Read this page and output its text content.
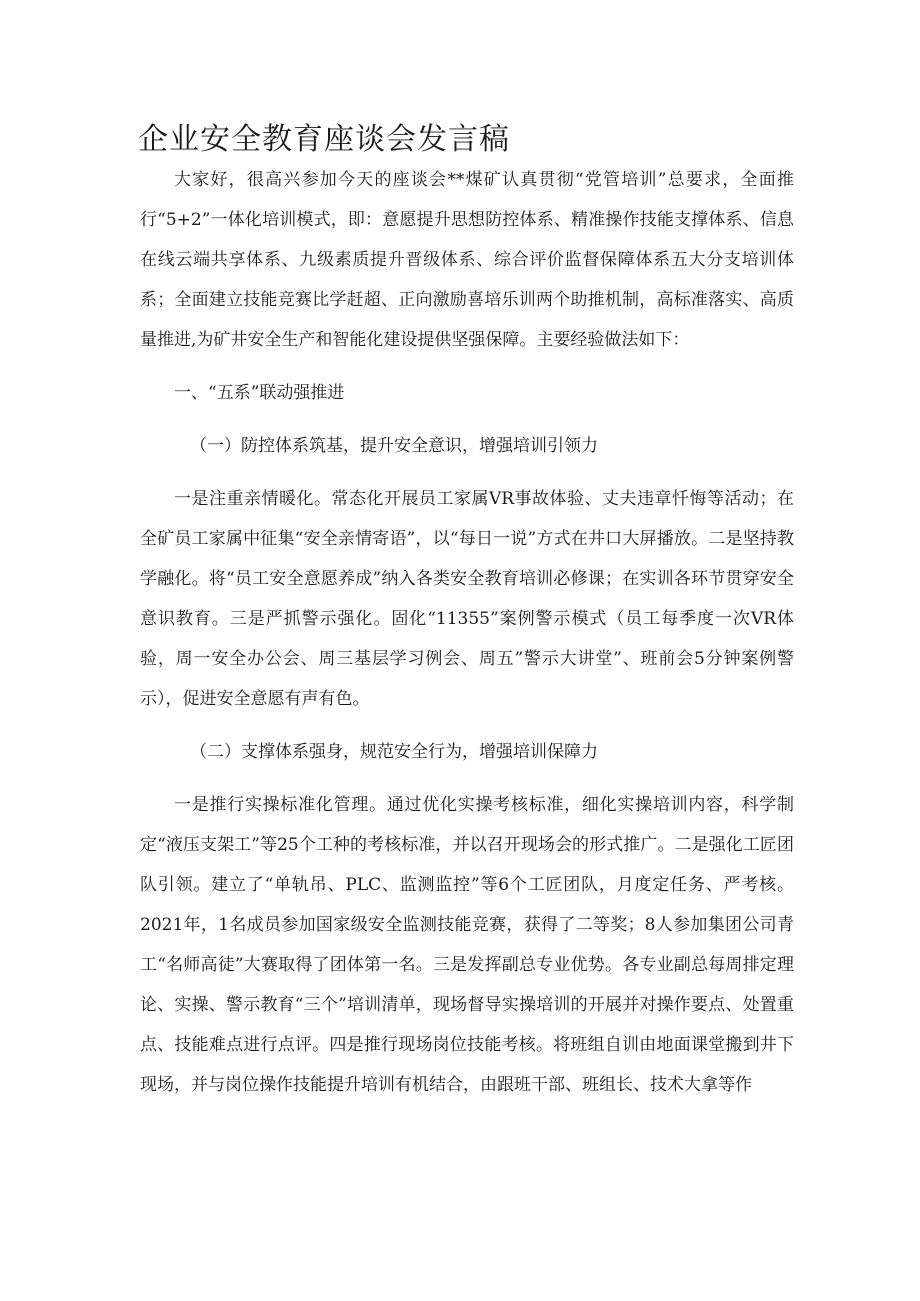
企业安全教育座谈会发言稿

大家好，很高兴参加今天的座谈会**煤矿认真贯彻“党管培训”总要求，全面推行“5+2”一体化培训模式，即：意愿提升思想防控体系、精准操作技能支撑体系、信息在线云端共享体系、九级素质提升晋级体系、综合评价监督保障体系五大分支培训体系；全面建立技能竞赛比学赶超、正向激励喜培乐训两个助推机制，高标准落实、高质量推进,为矿井安全生产和智能化建设提供坚强保障。主要经验做法如下：

一、“五系”联动强推进
（一）防控体系筑基，提升安全意识，增强培训引领力

一是注重亲情暖化。常态化开展员工家属VR事故体验、丈夫违章忏悔等活动；在全矿员工家属中征集“安全亲情寄语”，以“每日一说”方式在井口大屏播放。二是坚持教学融化。将“员工安全意愿养成”纳入各类安全教育培训必修课；在实训各环节贯穿安全意识教育。三是严抓警示强化。固化“11355”案例警示模式（员工每季度一次VR体验，周一安全办公会、周三基层学习例会、周五”警示大讲堂”、班前会5分钟案例警示），促进安全意愿有声有色。

（二）支撑体系强身，规范安全行为，增强培训保障力

一是推行实操标准化管理。通过优化实操考核标准，细化实操培训内容，科学制定“液压支架工”等25个工种的考核标准，并以召开现场会的形式推广。二是强化工匠团队引领。建立了“单轨吊、PLC、监测监控”等6个工匠团队，月度定任务、严考核。2021年，1名成员参加国家级安全监测技能竞赛，获得了二等奖；8人参加集团公司青工“名师高徒”大赛取得了团体第一名。三是发挥副总专业优势。各专业副总每周排定理论、实操、警示教育“三个”培训清单，现场督导实操培训的开展并对操作要点、处置重点、技能难点进行点评。四是推行现场岗位技能考核。将班组自训由地面课堂搬到井下现场，并与岗位操作技能提升培训有机结合，由跟班干部、班组长、技术大拿等作
